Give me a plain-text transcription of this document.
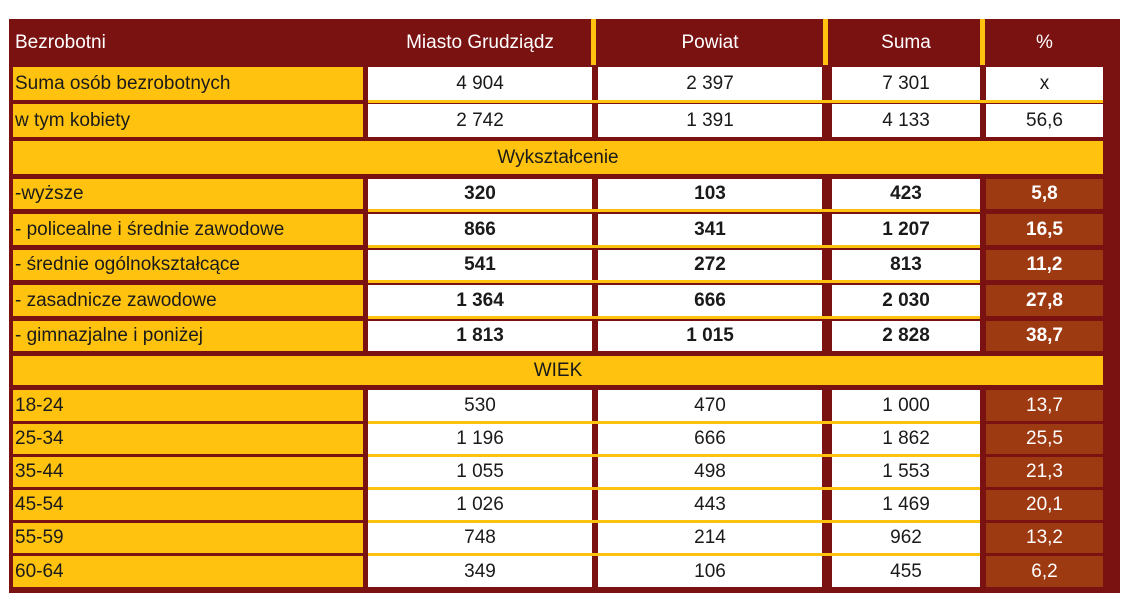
Bezrobotni	Miasto Grudziądz	Powiat	Suma	%
Suma osób bezrobotnych	4 904	2 397	7 301	x
w tym kobiety	2 742	1 391	4 133	56,6
Wykształcenie
-wyższe	320	103	423	5,8
- policealne i średnie zawodowe	866	341	1 207	16,5
- średnie ogólnokształcące	541	272	813	11,2
- zasadnicze zawodowe	1 364	666	2 030	27,8
- gimnazjalne i poniżej	1 813	1 015	2 828	38,7
WIEK
18-24	530	470	1 000	13,7
25-34	1 196	666	1 862	25,5
35-44	1 055	498	1 553	21,3
45-54	1 026	443	1 469	20,1
55-59	748	214	962	13,2
60-64	349	106	455	6,2
